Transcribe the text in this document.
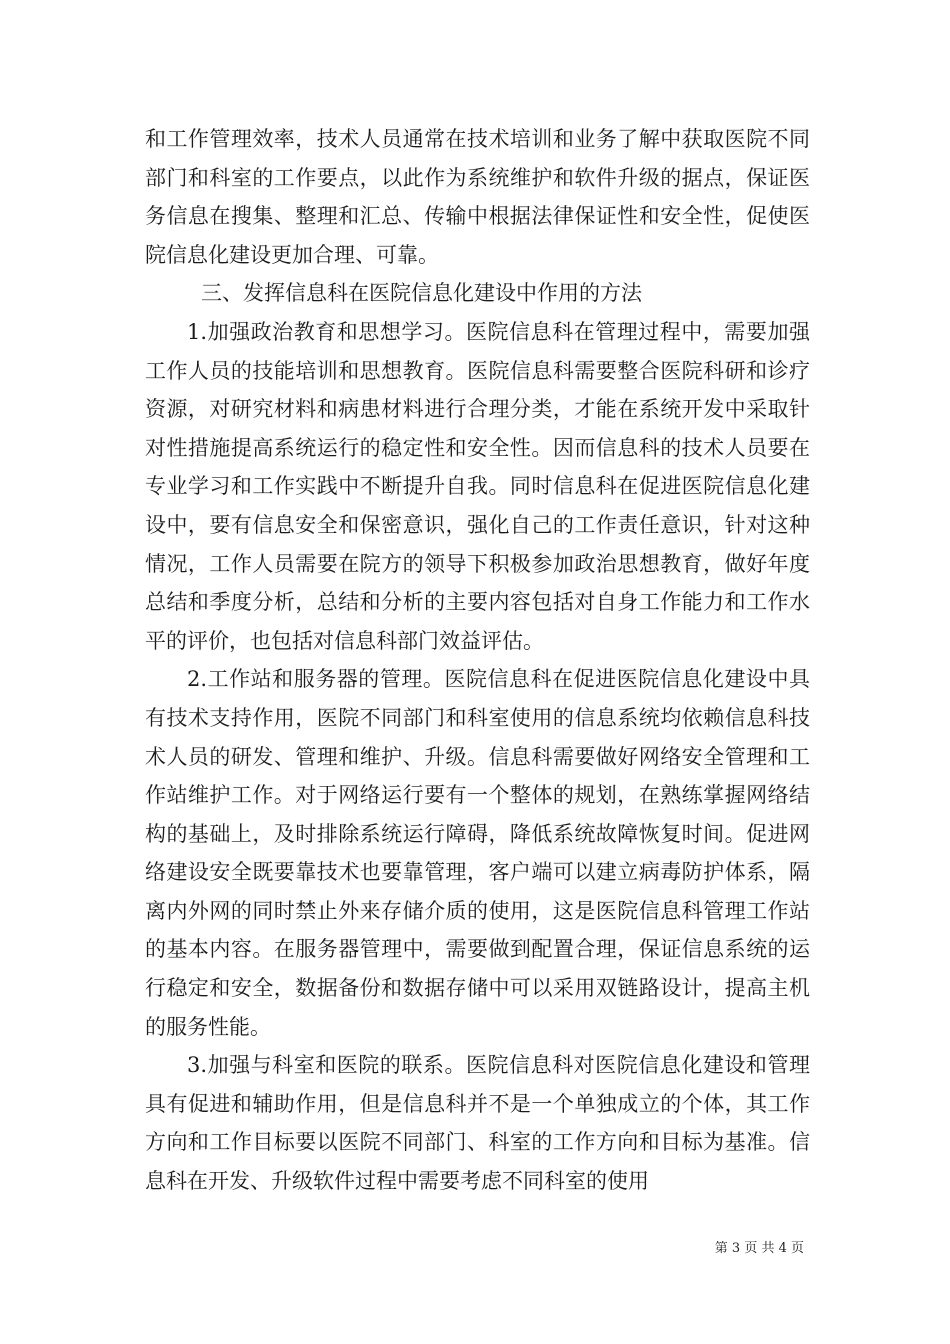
和工作管理效率，技术人员通常在技术培训和业务了解中获取医院不同部门和科室的工作要点，以此作为系统维护和软件升级的据点，保证医务信息在搜集、整理和汇总、传输中根据法律保证性和安全性，促使医院信息化建设更加合理、可靠。

三、发挥信息科在医院信息化建设中作用的方法

1.加强政治教育和思想学习。医院信息科在管理过程中，需要加强工作人员的技能培训和思想教育。医院信息科需要整合医院科研和诊疗资源，对研究材料和病患材料进行合理分类，才能在系统开发中采取针对性措施提高系统运行的稳定性和安全性。因而信息科的技术人员要在专业学习和工作实践中不断提升自我。同时信息科在促进医院信息化建设中，要有信息安全和保密意识，强化自己的工作责任意识，针对这种情况，工作人员需要在院方的领导下积极参加政治思想教育，做好年度总结和季度分析，总结和分析的主要内容包括对自身工作能力和工作水平的评价，也包括对信息科部门效益评估。

2.工作站和服务器的管理。医院信息科在促进医院信息化建设中具有技术支持作用，医院不同部门和科室使用的信息系统均依赖信息科技术人员的研发、管理和维护、升级。信息科需要做好网络安全管理和工作站维护工作。对于网络运行要有一个整体的规划，在熟练掌握网络结构的基础上，及时排除系统运行障碍，降低系统故障恢复时间。促进网络建设安全既要靠技术也要靠管理，客户端可以建立病毒防护体系，隔离内外网的同时禁止外来存储介质的使用，这是医院信息科管理工作站的基本内容。在服务器管理中，需要做到配置合理，保证信息系统的运行稳定和安全，数据备份和数据存储中可以采用双链路设计，提高主机的服务性能。

3.加强与科室和医院的联系。医院信息科对医院信息化建设和管理具有促进和辅助作用，但是信息科并不是一个单独成立的个体，其工作方向和工作目标要以医院不同部门、科室的工作方向和目标为基准。信息科在开发、升级软件过程中需要考虑不同科室的使用

第 3 页 共 4 页
